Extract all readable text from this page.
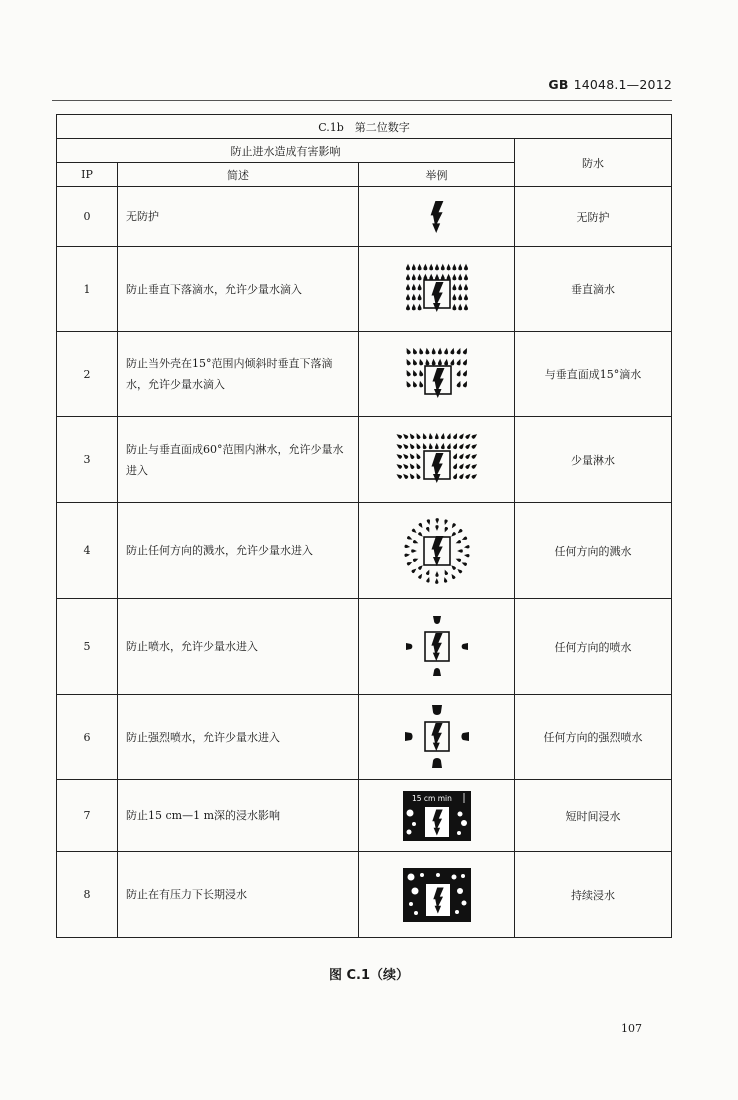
GB 14048.1—2012
C.1b　第二位数字			
防止进水造成有害影响			防水
IP	简述	举例	
0	无防护		无防护
1	防止垂直下落滴水，允许少量水滴入		垂直滴水
2	防止当外壳在15°范围内倾斜时垂直下落滴水，允许少量水滴入		与垂直面成15°滴水
3	防止与垂直面成60°范围内淋水，允许少量水进入		少量淋水
4	防止任何方向的溅水，允许少量水进入		任何方向的溅水
5	防止喷水，允许少量水进入		任何方向的喷水
6	防止强烈喷水，允许少量水进入		任何方向的强烈喷水
7	防止15 cm—1 m深的浸水影响	15 cm min	短时间浸水
8	防止在有压力下长期浸水		持续浸水
图 C.1（续）
107
